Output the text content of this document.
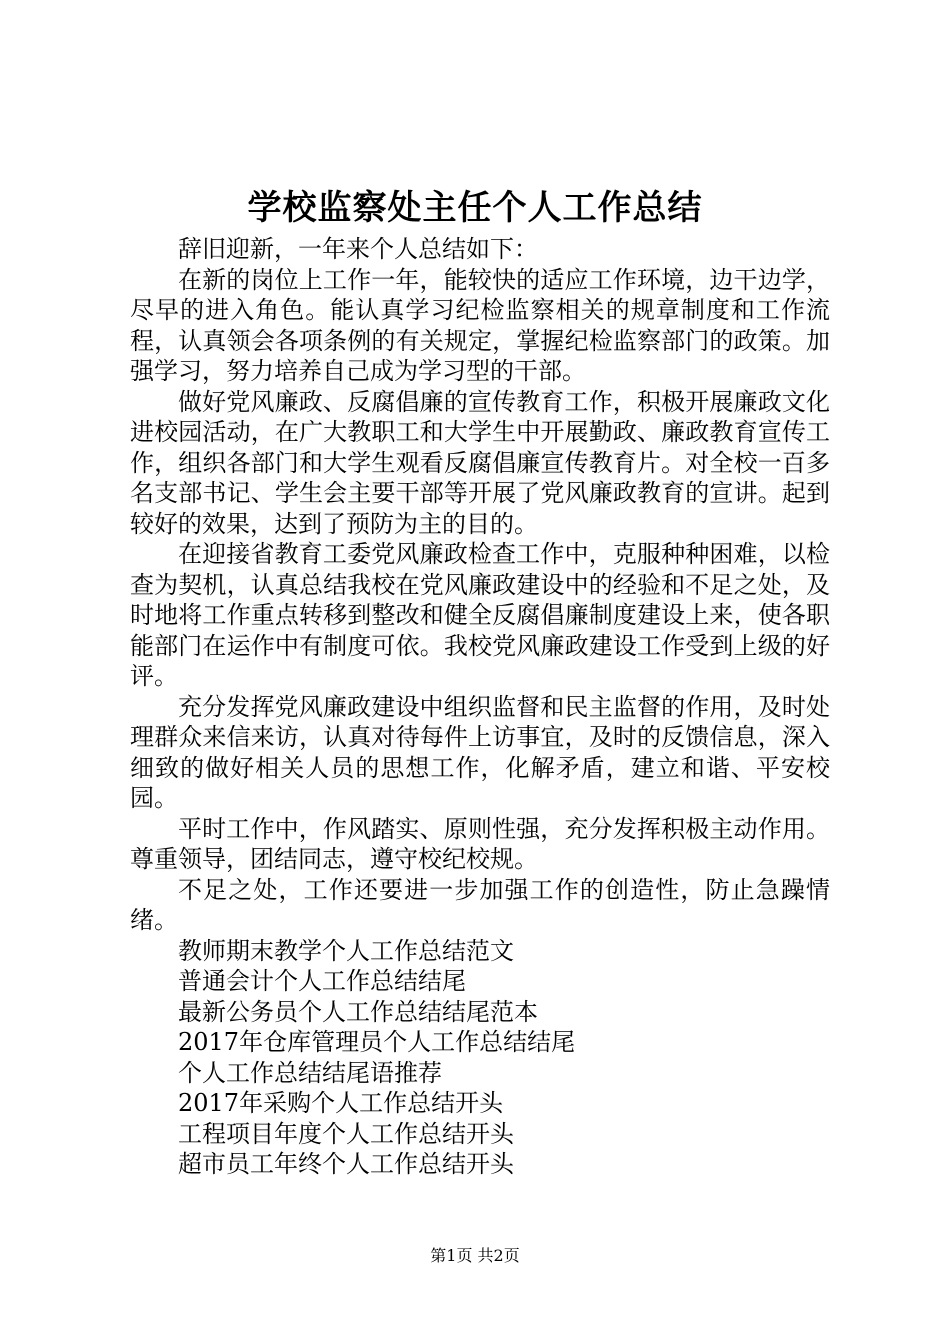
学校监察处主任个人工作总结

辞旧迎新，一年来个人总结如下：

在新的岗位上工作一年，能较快的适应工作环境，边干边学，尽早的进入角色。能认真学习纪检监察相关的规章制度和工作流程，认真领会各项条例的有关规定，掌握纪检监察部门的政策。加强学习，努力培养自己成为学习型的干部。

做好党风廉政、反腐倡廉的宣传教育工作，积极开展廉政文化进校园活动，在广大教职工和大学生中开展勤政、廉政教育宣传工作，组织各部门和大学生观看反腐倡廉宣传教育片。对全校一百多名支部书记、学生会主要干部等开展了党风廉政教育的宣讲。起到较好的效果，达到了预防为主的目的。

在迎接省教育工委党风廉政检查工作中，克服种种困难，以检查为契机，认真总结我校在党风廉政建设中的经验和不足之处，及时地将工作重点转移到整改和健全反腐倡廉制度建设上来，使各职能部门在运作中有制度可依。我校党风廉政建设工作受到上级的好评。

充分发挥党风廉政建设中组织监督和民主监督的作用，及时处理群众来信来访，认真对待每件上访事宜，及时的反馈信息，深入细致的做好相关人员的思想工作，化解矛盾，建立和谐、平安校园。

平时工作中，作风踏实、原则性强，充分发挥积极主动作用。尊重领导，团结同志，遵守校纪校规。

不足之处，工作还要进一步加强工作的创造性，防止急躁情绪。

教师期末教学个人工作总结范文
普通会计个人工作总结结尾
最新公务员个人工作总结结尾范本
2017年仓库管理员个人工作总结结尾
个人工作总结结尾语推荐
2017年采购个人工作总结开头
工程项目年度个人工作总结开头
超市员工年终个人工作总结开头
第1页 共2页
